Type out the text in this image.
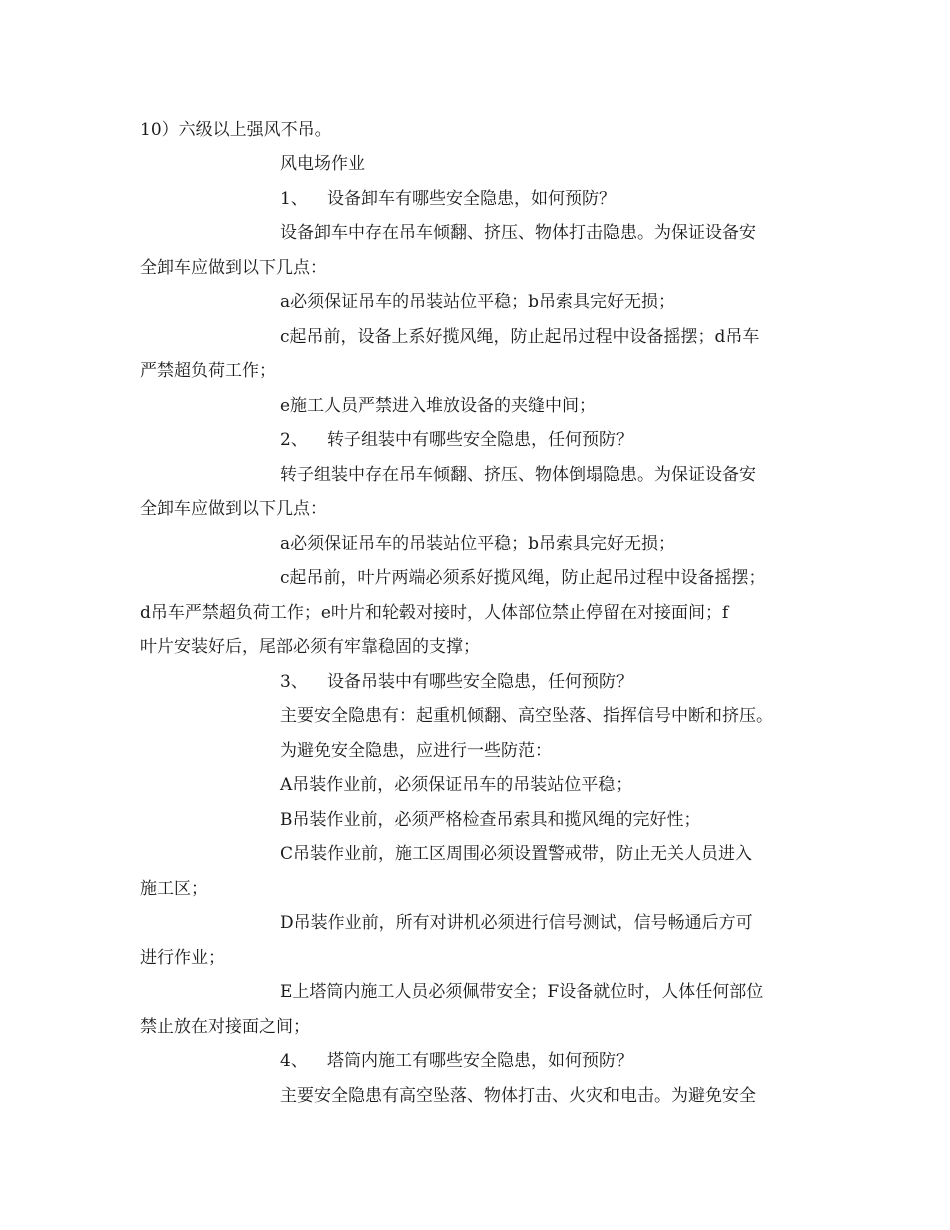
10）六级以上强风不吊。
风电场作业
1、 设备卸车有哪些安全隐患，如何预防？
设备卸车中存在吊车倾翻、挤压、物体打击隐患。为保证设备安
全卸车应做到以下几点：
a必须保证吊车的吊装站位平稳；b吊索具完好无损；
c起吊前，设备上系好揽风绳，防止起吊过程中设备摇摆；d吊车
严禁超负荷工作；
e施工人员严禁进入堆放设备的夹缝中间；
2、 转子组装中有哪些安全隐患，任何预防？
转子组装中存在吊车倾翻、挤压、物体倒塌隐患。为保证设备安
全卸车应做到以下几点：
a必须保证吊车的吊装站位平稳；b吊索具完好无损；
c起吊前，叶片两端必须系好揽风绳，防止起吊过程中设备摇摆；
d吊车严禁超负荷工作；e叶片和轮毂对接时，人体部位禁止停留在对接面间；f
叶片安装好后，尾部必须有牢靠稳固的支撑；
3、 设备吊装中有哪些安全隐患，任何预防？
主要安全隐患有：起重机倾翻、高空坠落、指挥信号中断和挤压。
为避免安全隐患，应进行一些防范：
A吊装作业前，必须保证吊车的吊装站位平稳；
B吊装作业前，必须严格检查吊索具和揽风绳的完好性；
C吊装作业前，施工区周围必须设置警戒带，防止无关人员进入
施工区；
D吊装作业前，所有对讲机必须进行信号测试，信号畅通后方可
进行作业；
E上塔筒内施工人员必须佩带安全；F设备就位时，人体任何部位
禁止放在对接面之间；
4、 塔筒内施工有哪些安全隐患，如何预防？
主要安全隐患有高空坠落、物体打击、火灾和电击。为避免安全
